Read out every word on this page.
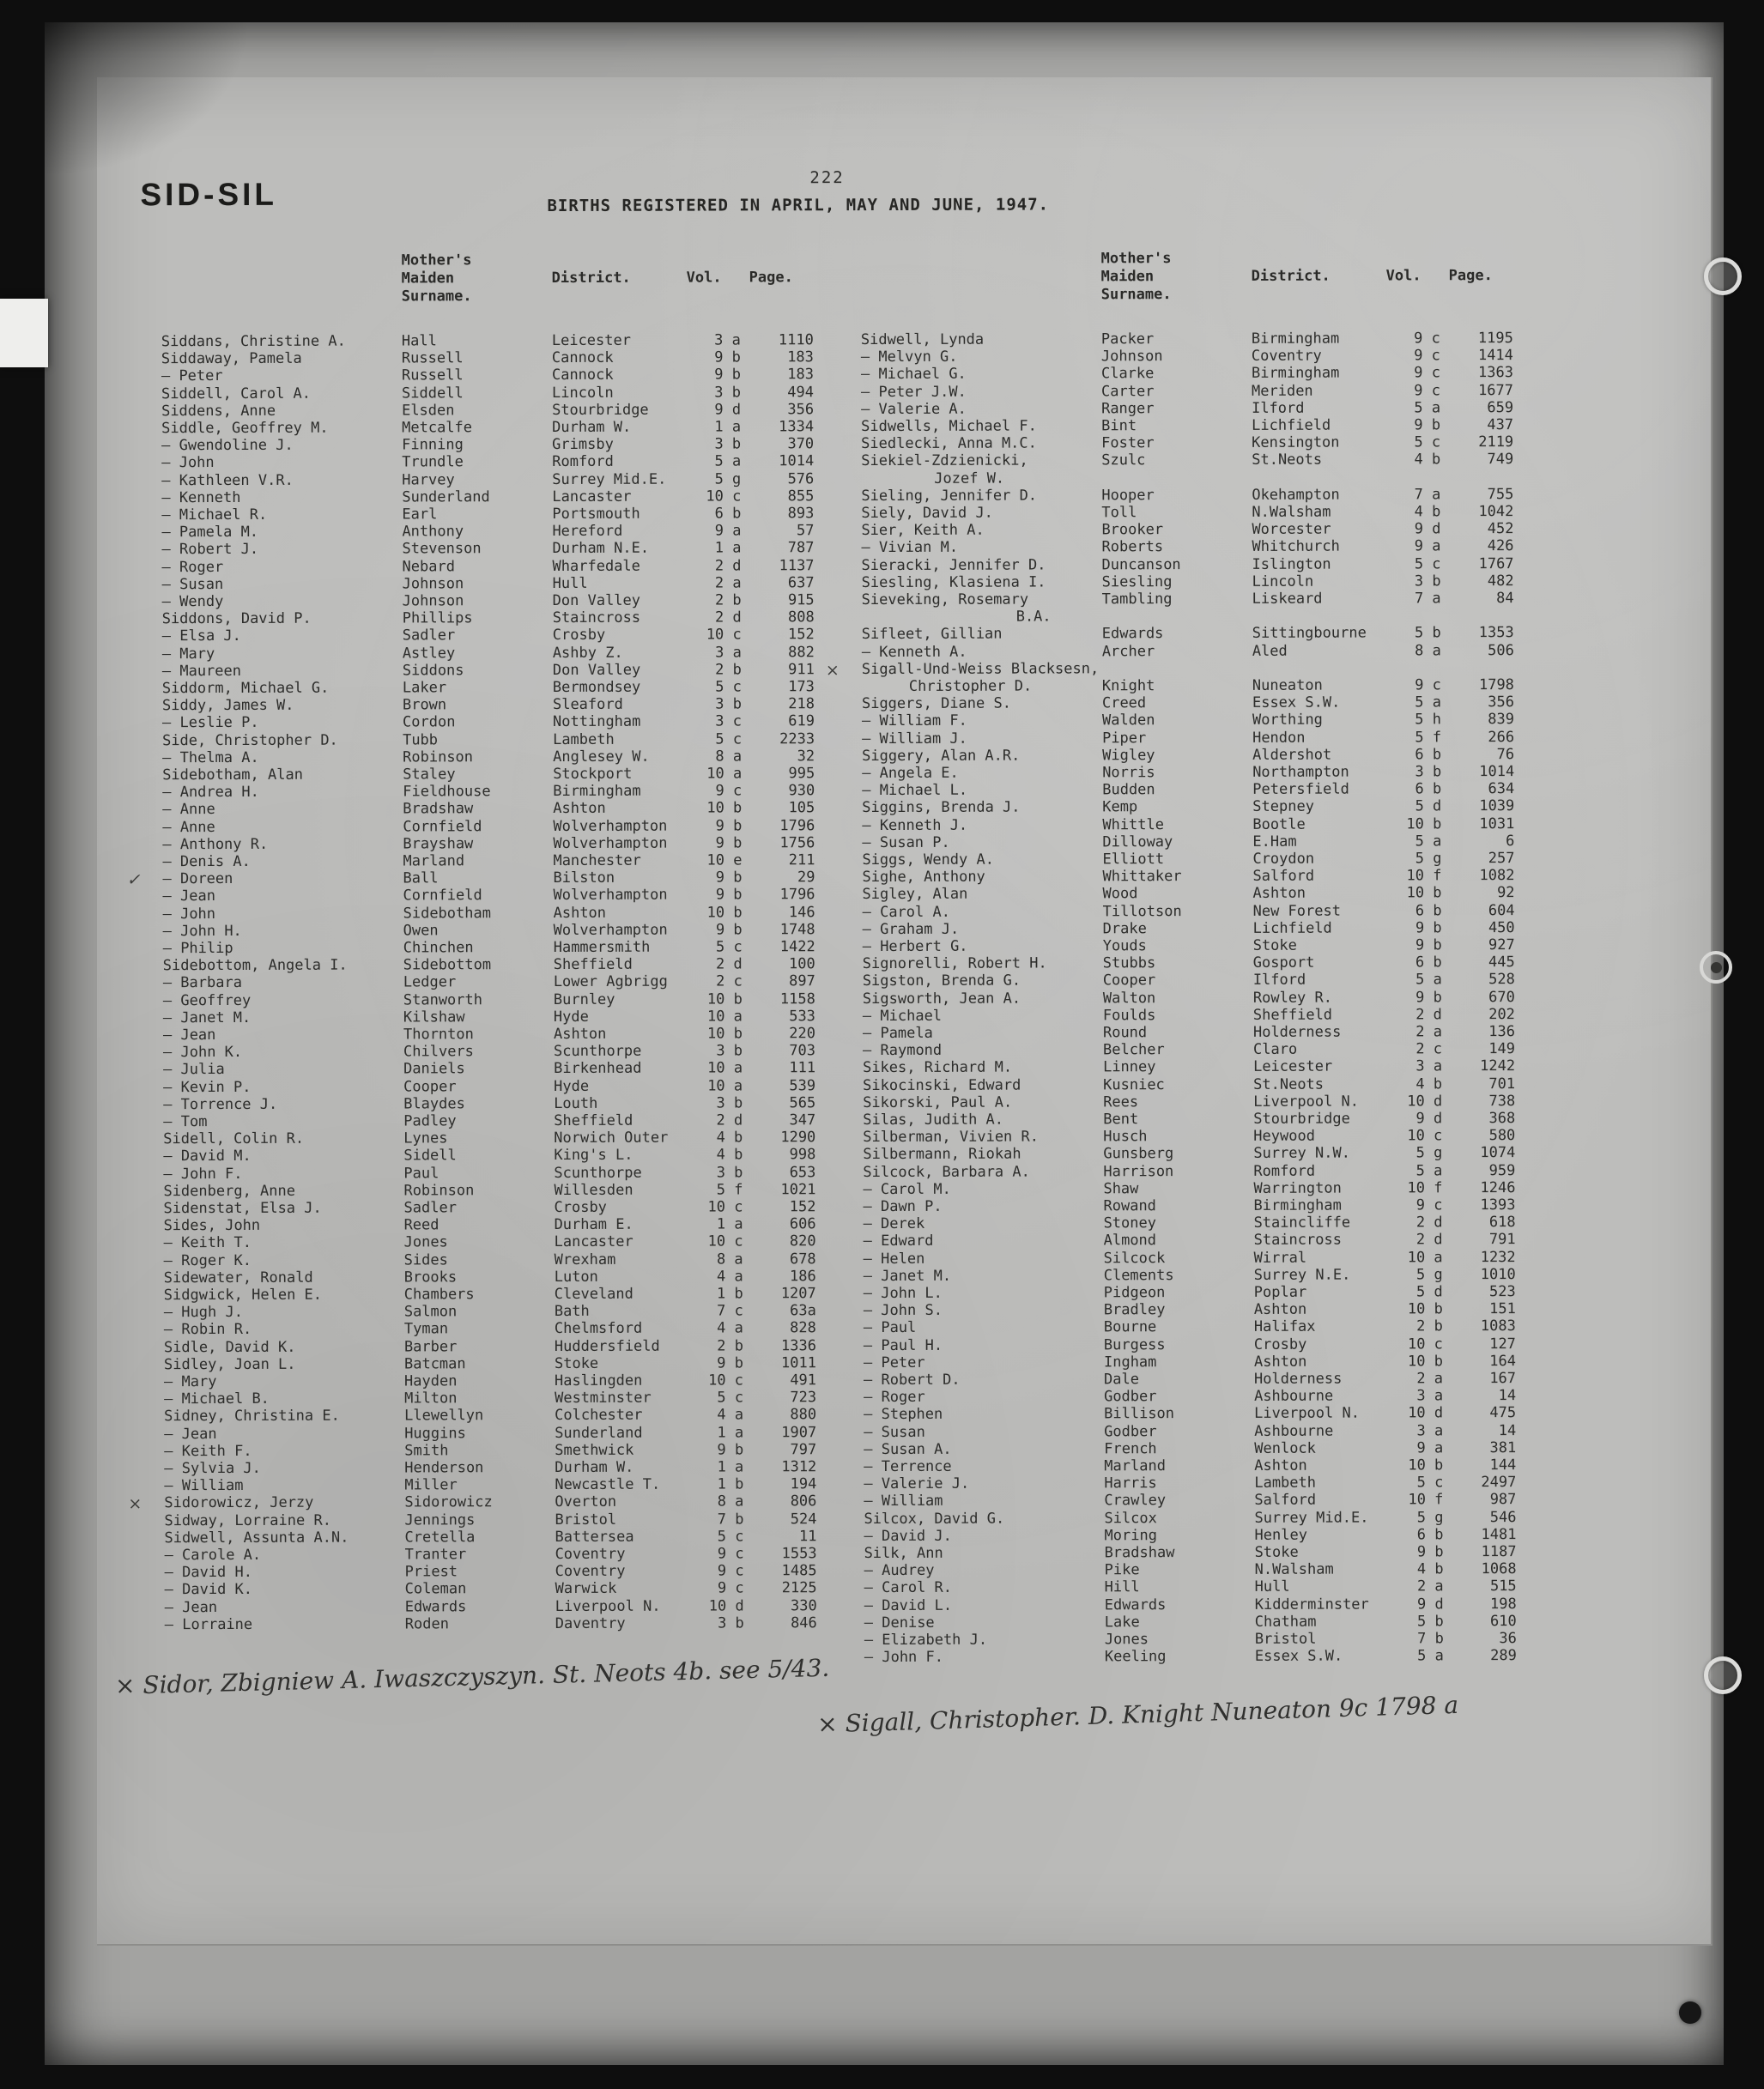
SID-SIL	222
BIRTHS REGISTERED IN APRIL, MAY AND JUNE, 1947.
Mother's
Maiden	District.	Vol. Page.
Surname.
Mother's
Maiden	District.	Vol. Page.
Surname.
Siddans, Christine A.	Hall	Leicester	3 a	1110
Siddaway, Pamela	Russell	Cannock	9 b	183
— Peter	Russell	Cannock	9 b	183
Siddell, Carol A.	Siddell	Lincoln	3 b	494
Siddens, Anne	Elsden	Stourbridge	9 d	356
Siddle, Geoffrey M.	Metcalfe	Durham W.	1 a	1334
— Gwendoline J.	Finning	Grimsby	3 b	370
— John	Trundle	Romford	5 a	1014
— Kathleen V.R.	Harvey	Surrey Mid.E.	5 g	576
— Kenneth	Sunderland	Lancaster	10 c	855
— Michael R.	Earl	Portsmouth	6 b	893
— Pamela M.	Anthony	Hereford	9 a	57
— Robert J.	Stevenson	Durham N.E.	1 a	787
— Roger	Nebard	Wharfedale	2 d	1137
— Susan	Johnson	Hull	2 a	637
— Wendy	Johnson	Don Valley	2 b	915
Siddons, David P.	Phillips	Staincross	2 d	808
— Elsa J.	Sadler	Crosby	10 c	152
— Mary	Astley	Ashby Z.	3 a	882
— Maureen	Siddons	Don Valley	2 b	911
Siddorm, Michael G.	Laker	Bermondsey	5 c	173
Siddy, James W.	Brown	Sleaford	3 b	218
— Leslie P.	Cordon	Nottingham	3 c	619
Side, Christopher D.	Tubb	Lambeth	5 c	2233
— Thelma A.	Robinson	Anglesey W.	8 a	32
Sidebotham, Alan	Staley	Stockport	10 a	995
— Andrea H.	Fieldhouse	Birmingham	9 c	930
— Anne	Bradshaw	Ashton	10 b	105
— Anne	Cornfield	Wolverhampton	9 b	1796
— Anthony R.	Brayshaw	Wolverhampton	9 b	1756
— Denis A.	Marland	Manchester	10 e	211
✓	— Doreen	Ball	Bilston	9 b	29
— Jean	Cornfield	Wolverhampton	9 b	1796
— John	Sidebotham	Ashton	10 b	146
— John H.	Owen	Wolverhampton	9 b	1748
— Philip	Chinchen	Hammersmith	5 c	1422
Sidebottom, Angela I.	Sidebottom	Sheffield	2 d	100
— Barbara	Ledger	Lower Agbrigg	2 c	897
— Geoffrey	Stanworth	Burnley	10 b	1158
— Janet M.	Kilshaw	Hyde	10 a	533
— Jean	Thornton	Ashton	10 b	220
— John K.	Chilvers	Scunthorpe	3 b	703
— Julia	Daniels	Birkenhead	10 a	111
— Kevin P.	Cooper	Hyde	10 a	539
— Torrence J.	Blaydes	Louth	3 b	565
— Tom	Padley	Sheffield	2 d	347
Sidell, Colin R.	Lynes	Norwich Outer	4 b	1290
— David M.	Sidell	King's L.	4 b	998
— John F.	Paul	Scunthorpe	3 b	653
Sidenberg, Anne	Robinson	Willesden	5 f	1021
Sidenstat, Elsa J.	Sadler	Crosby	10 c	152
Sides, John	Reed	Durham E.	1 a	606
— Keith T.	Jones	Lancaster	10 c	820
— Roger K.	Sides	Wrexham	8 a	678
Sidewater, Ronald	Brooks	Luton	4 a	186
Sidgwick, Helen E.	Chambers	Cleveland	1 b	1207
— Hugh J.	Salmon	Bath	7 c	63a
— Robin R.	Tyman	Chelmsford	4 a	828
Sidle, David K.	Barber	Huddersfield	2 b	1336
Sidley, Joan L.	Batcman	Stoke	9 b	1011
— Mary	Hayden	Haslingden	10 c	491
— Michael B.	Milton	Westminster	5 c	723
Sidney, Christina E.	Llewellyn	Colchester	4 a	880
— Jean	Huggins	Sunderland	1 a	1907
— Keith F.	Smith	Smethwick	9 b	797
— Sylvia J.	Henderson	Durham W.	1 a	1312
— William	Miller	Newcastle T.	1 b	194
×	Sidorowicz, Jerzy	Sidorowicz	Overton	8 a	806
Sidway, Lorraine R.	Jennings	Bristol	7 b	524
Sidwell, Assunta A.N.	Cretella	Battersea	5 c	11
— Carole A.	Tranter	Coventry	9 c	1553
— David H.	Priest	Coventry	9 c	1485
— David K.	Coleman	Warwick	9 c	2125
— Jean	Edwards	Liverpool N.	10 d	330
— Lorraine	Roden	Daventry	3 b	846
Sidwell, Lynda	Packer	Birmingham	9 c	1195
— Melvyn G.	Johnson	Coventry	9 c	1414
— Michael G.	Clarke	Birmingham	9 c	1363
— Peter J.W.	Carter	Meriden	9 c	1677
— Valerie A.	Ranger	Ilford	5 a	659
Sidwells, Michael F.	Bint	Lichfield	9 b	437
Siedlecki, Anna M.C.	Foster	Kensington	5 c	2119
Siekiel-Zdzienicki,	Szulc	St.Neots	4 b	749
Jozef W.
Sieling, Jennifer D.	Hooper	Okehampton	7 a	755
Siely, David J.	Toll	N.Walsham	4 b	1042
Sier, Keith A.	Brooker	Worcester	9 d	452
— Vivian M.	Roberts	Whitchurch	9 a	426
Sieracki, Jennifer D.	Duncanson	Islington	5 c	1767
Siesling, Klasiena I.	Siesling	Lincoln	3 b	482
Sieveking, Rosemary	Tambling	Liskeard	7 a	84
B.A.
Sifleet, Gillian	Edwards	Sittingbourne	5 b	1353
— Kenneth A.	Archer	Aled	8 a	506
×	Sigall-Und-Weiss Blacksesn,
Christopher D.	Knight	Nuneaton	9 c	1798
Siggers, Diane S.	Creed	Essex S.W.	5 a	356
— William F.	Walden	Worthing	5 h	839
— William J.	Piper	Hendon	5 f	266
Siggery, Alan A.R.	Wigley	Aldershot	6 b	76
— Angela E.	Norris	Northampton	3 b	1014
— Michael L.	Budden	Petersfield	6 b	634
Siggins, Brenda J.	Kemp	Stepney	5 d	1039
— Kenneth J.	Whittle	Bootle	10 b	1031
— Susan P.	Dilloway	E.Ham	5 a	6
Siggs, Wendy A.	Elliott	Croydon	5 g	257
Sighe, Anthony	Whittaker	Salford	10 f	1082
Sigley, Alan	Wood	Ashton	10 b	92
— Carol A.	Tillotson	New Forest	6 b	604
— Graham J.	Drake	Lichfield	9 b	450
— Herbert G.	Youds	Stoke	9 b	927
Signorelli, Robert H.	Stubbs	Gosport	6 b	445
Sigston, Brenda G.	Cooper	Ilford	5 a	528
Sigsworth, Jean A.	Walton	Rowley R.	9 b	670
— Michael	Foulds	Sheffield	2 d	202
— Pamela	Round	Holderness	2 a	136
— Raymond	Belcher	Claro	2 c	149
Sikes, Richard M.	Linney	Leicester	3 a	1242
Sikocinski, Edward	Kusniec	St.Neots	4 b	701
Sikorski, Paul A.	Rees	Liverpool N.	10 d	738
Silas, Judith A.	Bent	Stourbridge	9 d	368
Silberman, Vivien R.	Husch	Heywood	10 c	580
Silbermann, Riokah	Gunsberg	Surrey N.W.	5 g	1074
Silcock, Barbara A.	Harrison	Romford	5 a	959
— Carol M.	Shaw	Warrington	10 f	1246
— Dawn P.	Rowand	Birmingham	9 c	1393
— Derek	Stoney	Staincliffe	2 d	618
— Edward	Almond	Staincross	2 d	791
— Helen	Silcock	Wirral	10 a	1232
— Janet M.	Clements	Surrey N.E.	5 g	1010
— John L.	Pidgeon	Poplar	5 d	523
— John S.	Bradley	Ashton	10 b	151
— Paul	Bourne	Halifax	2 b	1083
— Paul H.	Burgess	Crosby	10 c	127
— Peter	Ingham	Ashton	10 b	164
— Robert D.	Dale	Holderness	2 a	167
— Roger	Godber	Ashbourne	3 a	14
— Stephen	Billison	Liverpool N.	10 d	475
— Susan	Godber	Ashbourne	3 a	14
— Susan A.	French	Wenlock	9 a	381
— Terrence	Marland	Ashton	10 b	144
— Valerie J.	Harris	Lambeth	5 c	2497
— William	Crawley	Salford	10 f	987
Silcox, David G.	Silcox	Surrey Mid.E.	5 g	546
— David J.	Moring	Henley	6 b	1481
Silk, Ann	Bradshaw	Stoke	9 b	1187
— Audrey	Pike	N.Walsham	4 b	1068
— Carol R.	Hill	Hull	2 a	515
— David L.	Edwards	Kidderminster	9 d	198
— Denise	Lake	Chatham	5 b	610
— Elizabeth J.	Jones	Bristol	7 b	36
— John F.	Keeling	Essex S.W.	5 a	289
× Sidor, Zbigniew A. Iwaszczyszyn. St. Neots 4b. see 5/43.
× Sigall, Christopher. D. Knight Nuneaton 9c 1798 a
